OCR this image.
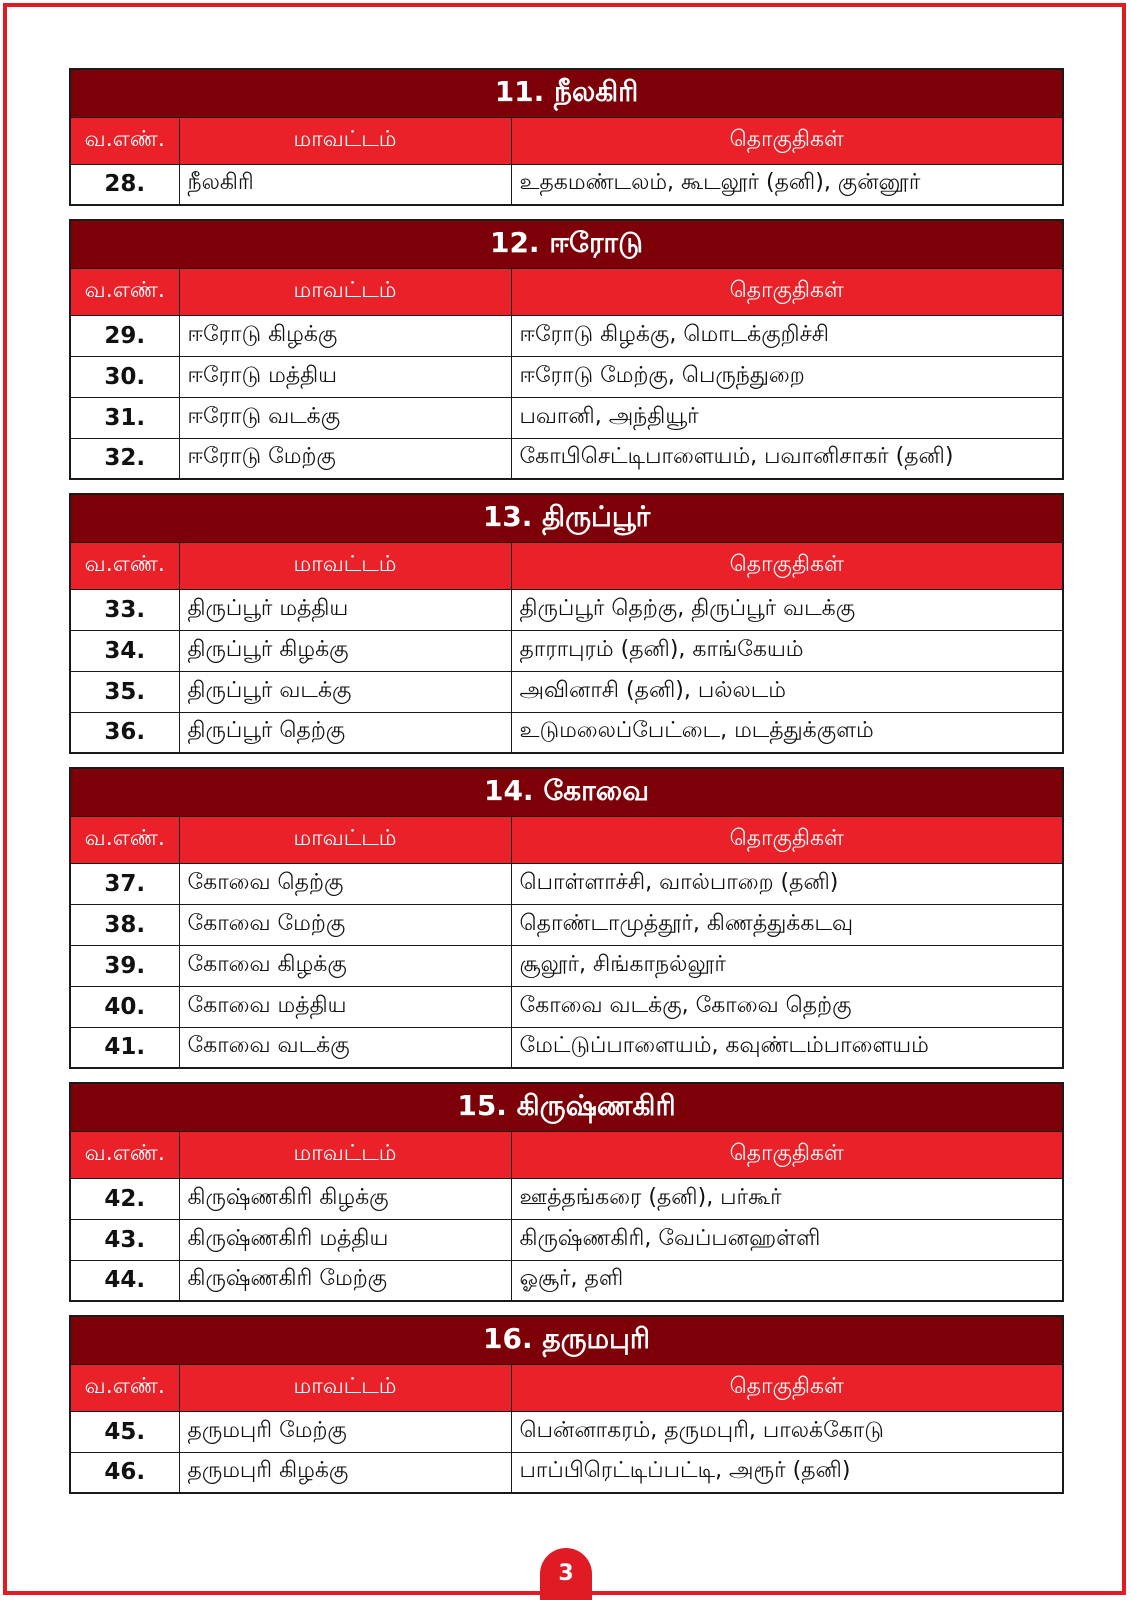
11. நீலகிரி		
வ.எண்.	மாவட்டம்	தொகுதிகள்
28.	நீலகிரி	உதகமண்டலம், கூடலூர் (தனி), குன்னூர்
12. ஈரோடு		
வ.எண்.	மாவட்டம்	தொகுதிகள்
29.	ஈரோடு கிழக்கு	ஈரோடு கிழக்கு, மொடக்குறிச்சி
30.	ஈரோடு மத்திய	ஈரோடு மேற்கு, பெருந்துறை
31.	ஈரோடு வடக்கு	பவானி, அந்தியூர்
32.	ஈரோடு மேற்கு	கோபிசெட்டிபாளையம், பவானிசாகர் (தனி)
13. திருப்பூர்		
வ.எண்.	மாவட்டம்	தொகுதிகள்
33.	திருப்பூர் மத்திய	திருப்பூர் தெற்கு, திருப்பூர் வடக்கு
34.	திருப்பூர் கிழக்கு	தாராபுரம் (தனி), காங்கேயம்
35.	திருப்பூர் வடக்கு	அவினாசி (தனி), பல்லடம்
36.	திருப்பூர் தெற்கு	உடுமலைப்பேட்டை, மடத்துக்குளம்
14. கோவை		
வ.எண்.	மாவட்டம்	தொகுதிகள்
37.	கோவை தெற்கு	பொள்ளாச்சி, வால்பாறை (தனி)
38.	கோவை மேற்கு	தொண்டாமுத்தூர், கிணத்துக்கடவு
39.	கோவை கிழக்கு	சூலூர், சிங்காநல்லூர்
40.	கோவை மத்திய	கோவை வடக்கு, கோவை தெற்கு
41.	கோவை வடக்கு	மேட்டுப்பாளையம், கவுண்டம்பாளையம்
15. கிருஷ்ணகிரி		
வ.எண்.	மாவட்டம்	தொகுதிகள்
42.	கிருஷ்ணகிரி கிழக்கு	ஊத்தங்கரை (தனி), பர்கூர்
43.	கிருஷ்ணகிரி மத்திய	கிருஷ்ணகிரி, வேப்பனஹள்ளி
44.	கிருஷ்ணகிரி மேற்கு	ஓசூர், தளி
16. தருமபுரி		
வ.எண்.	மாவட்டம்	தொகுதிகள்
45.	தருமபுரி மேற்கு	பென்னாகரம், தருமபுரி, பாலக்கோடு
46.	தருமபுரி கிழக்கு	பாப்பிரெட்டிப்பட்டி, அரூர் (தனி)
3
